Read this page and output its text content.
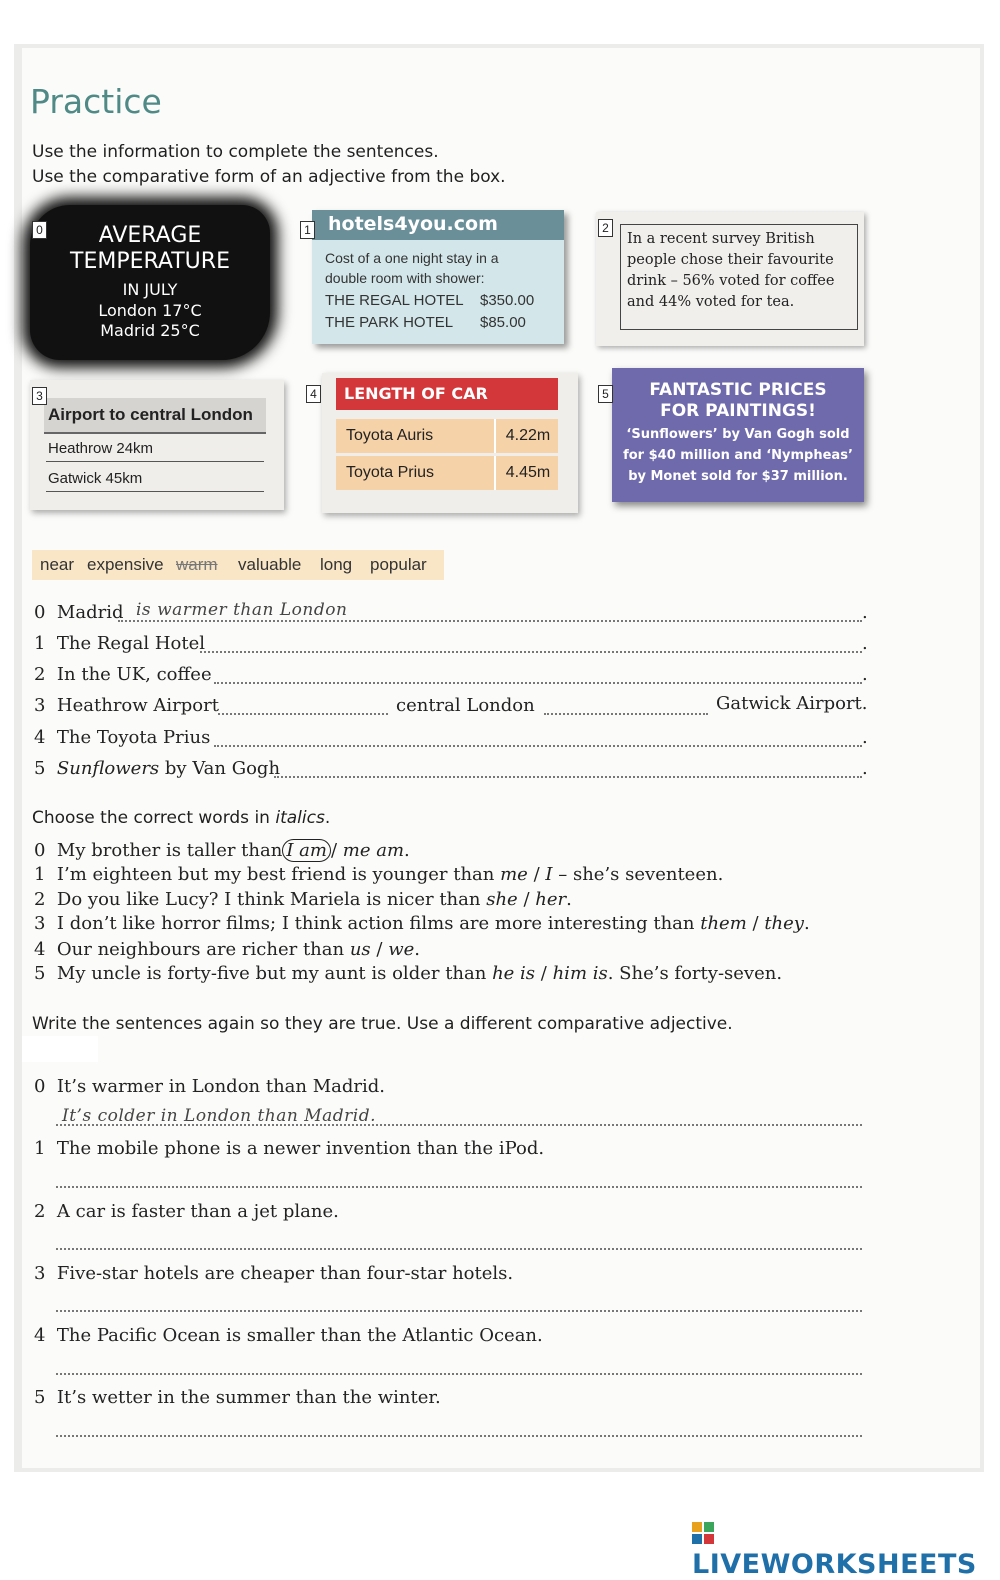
Practice
Use the information to complete the sentences.
Use the comparative form of an adjective from the box.
AVERAGE
TEMPERATURE
IN JULY
London 17°C
Madrid 25°C
0	hotels4you.com
Cost of a one night stay in a
double room with shower:
THE REGAL HOTEL $350.00
THE PARK HOTEL $85.00
1
In a recent survey British
people chose their favourite
drink – 56% voted for coffee
and 44% voted for tea.
2
Airport to central London
Heathrow 24km
Gatwick 45km
3	LENGTH OF CAR
Toyota Auris	4.22m
Toyota Prius	4.45m
4	FANTASTIC PRICES
FOR PAINTINGS!
‘Sunflowers’ by Van Gogh sold
for $40 million and ‘Nympheas’
by Monet sold for $37 million.
5
near expensive warm valuable long popular
0 Madrid is warmer than London	.
1 The Regal Hotel	.
2 In the UK, coffee	.
3 Heathrow Airport	central London	Gatwick Airport.
4 The Toyota Prius	.
5 Sunflowers by Van Gogh	.
Choose the correct words in italics.
0 My brother is taller than I am / me am.
1 I’m eighteen but my best friend is younger than me / I – she’s seventeen.
2 Do you like Lucy? I think Mariela is nicer than she / her.
3 I don’t like horror films; I think action films are more interesting than them / they.
4 Our neighbours are richer than us / we.
5 My uncle is forty-five but my aunt is older than he is / him is. She’s forty-seven.
Write the sentences again so they are true. Use a different comparative adjective.
0 It’s warmer in London than Madrid.
It’s colder in London than Madrid.
1 The mobile phone is a newer invention than the iPod.
2 A car is faster than a jet plane.
3 Five-star hotels are cheaper than four-star hotels.
4 The Pacific Ocean is smaller than the Atlantic Ocean.
5 It’s wetter in the summer than the winter.
LIVEWORKSHEETS
